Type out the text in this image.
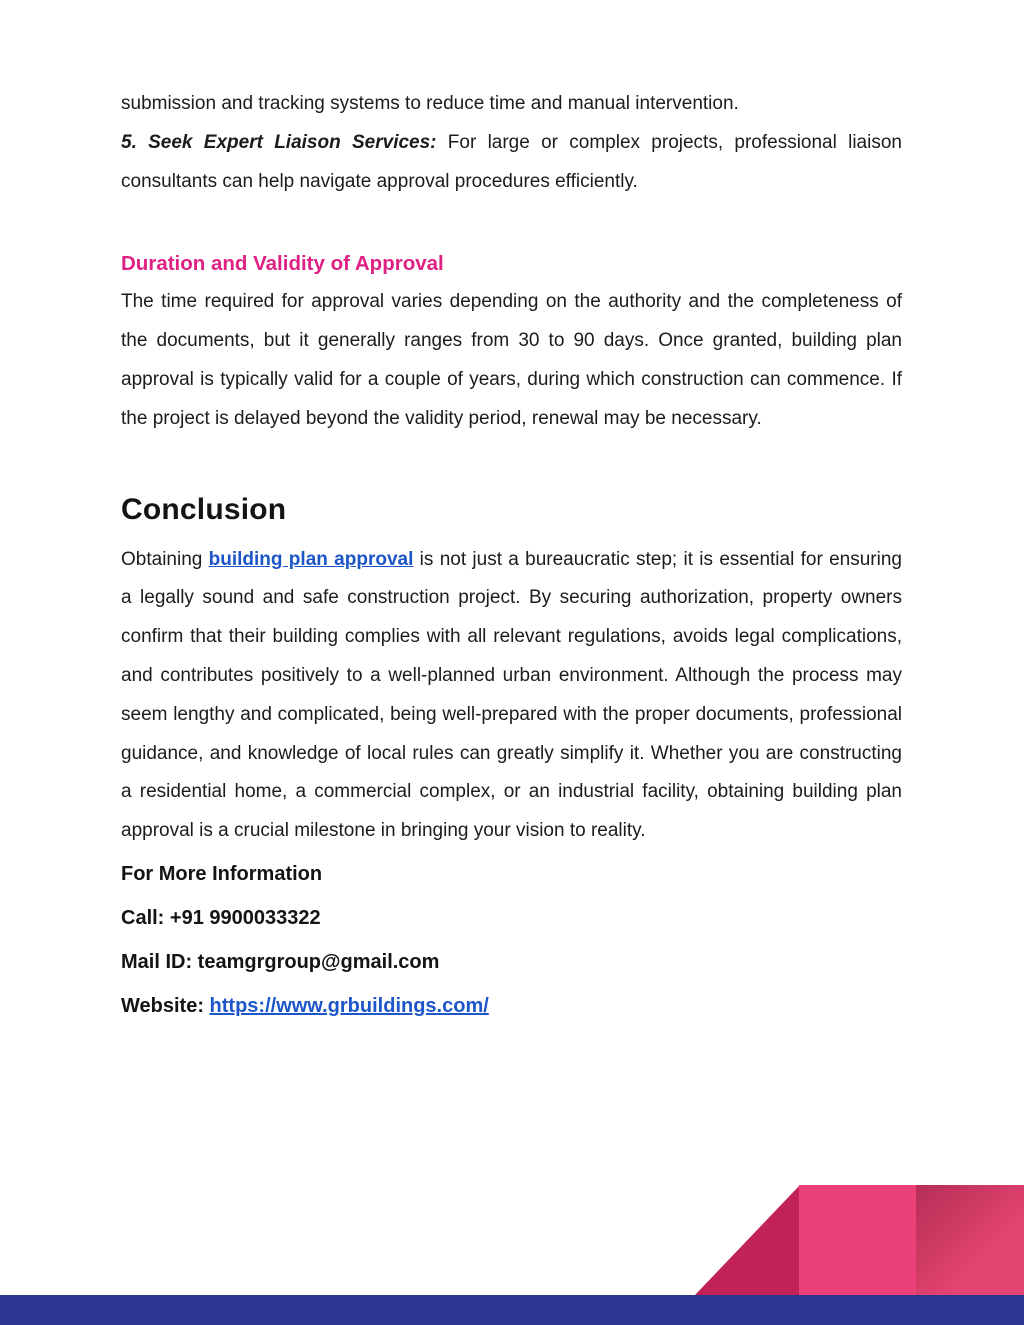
submission and tracking systems to reduce time and manual intervention.

5. Seek Expert Liaison Services: For large or complex projects, professional liaison consultants can help navigate approval procedures efficiently.

Duration and Validity of Approval

The time required for approval varies depending on the authority and the completeness of the documents, but it generally ranges from 30 to 90 days. Once granted, building plan approval is typically valid for a couple of years, during which construction can commence. If the project is delayed beyond the validity period, renewal may be necessary.

Conclusion

Obtaining building plan approval is not just a bureaucratic step; it is essential for ensuring a legally sound and safe construction project. By securing authorization, property owners confirm that their building complies with all relevant regulations, avoids legal complications, and contributes positively to a well-planned urban environment. Although the process may seem lengthy and complicated, being well-prepared with the proper documents, professional guidance, and knowledge of local rules can greatly simplify it. Whether you are constructing a residential home, a commercial complex, or an industrial facility, obtaining building plan approval is a crucial milestone in bringing your vision to reality.

For More Information

Call: +91 9900033322

Mail ID: teamgrgroup@gmail.com

Website: https://www.grbuildings.com/
